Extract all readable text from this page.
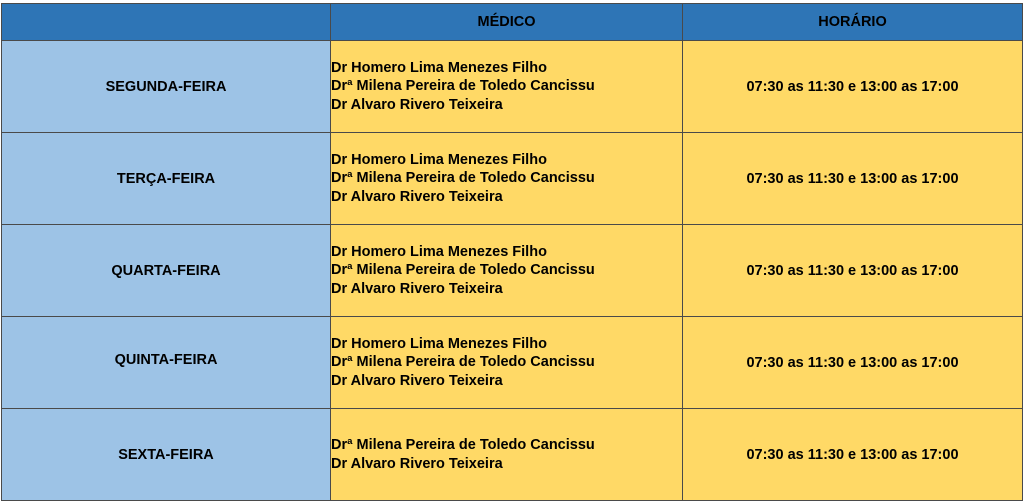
	MÉDICO	HORÁRIO
SEGUNDA-FEIRA	Dr Homero Lima Menezes Filho
Drª Milena Pereira de Toledo Cancissu
Dr Alvaro Rivero Teixeira	07:30 as 11:30 e 13:00 as 17:00
TERÇA-FEIRA	Dr Homero Lima Menezes Filho
Drª Milena Pereira de Toledo Cancissu
Dr Alvaro Rivero Teixeira	07:30 as 11:30 e 13:00 as 17:00
QUARTA-FEIRA	Dr Homero Lima Menezes Filho
Drª Milena Pereira de Toledo Cancissu
Dr Alvaro Rivero Teixeira	07:30 as 11:30 e 13:00 as 17:00
QUINTA-FEIRA	Dr Homero Lima Menezes Filho
Drª Milena Pereira de Toledo Cancissu
Dr Alvaro Rivero Teixeira	07:30 as 11:30 e 13:00 as 17:00
SEXTA-FEIRA	Drª Milena Pereira de Toledo Cancissu
Dr Alvaro Rivero Teixeira	07:30 as 11:30 e 13:00 as 17:00
